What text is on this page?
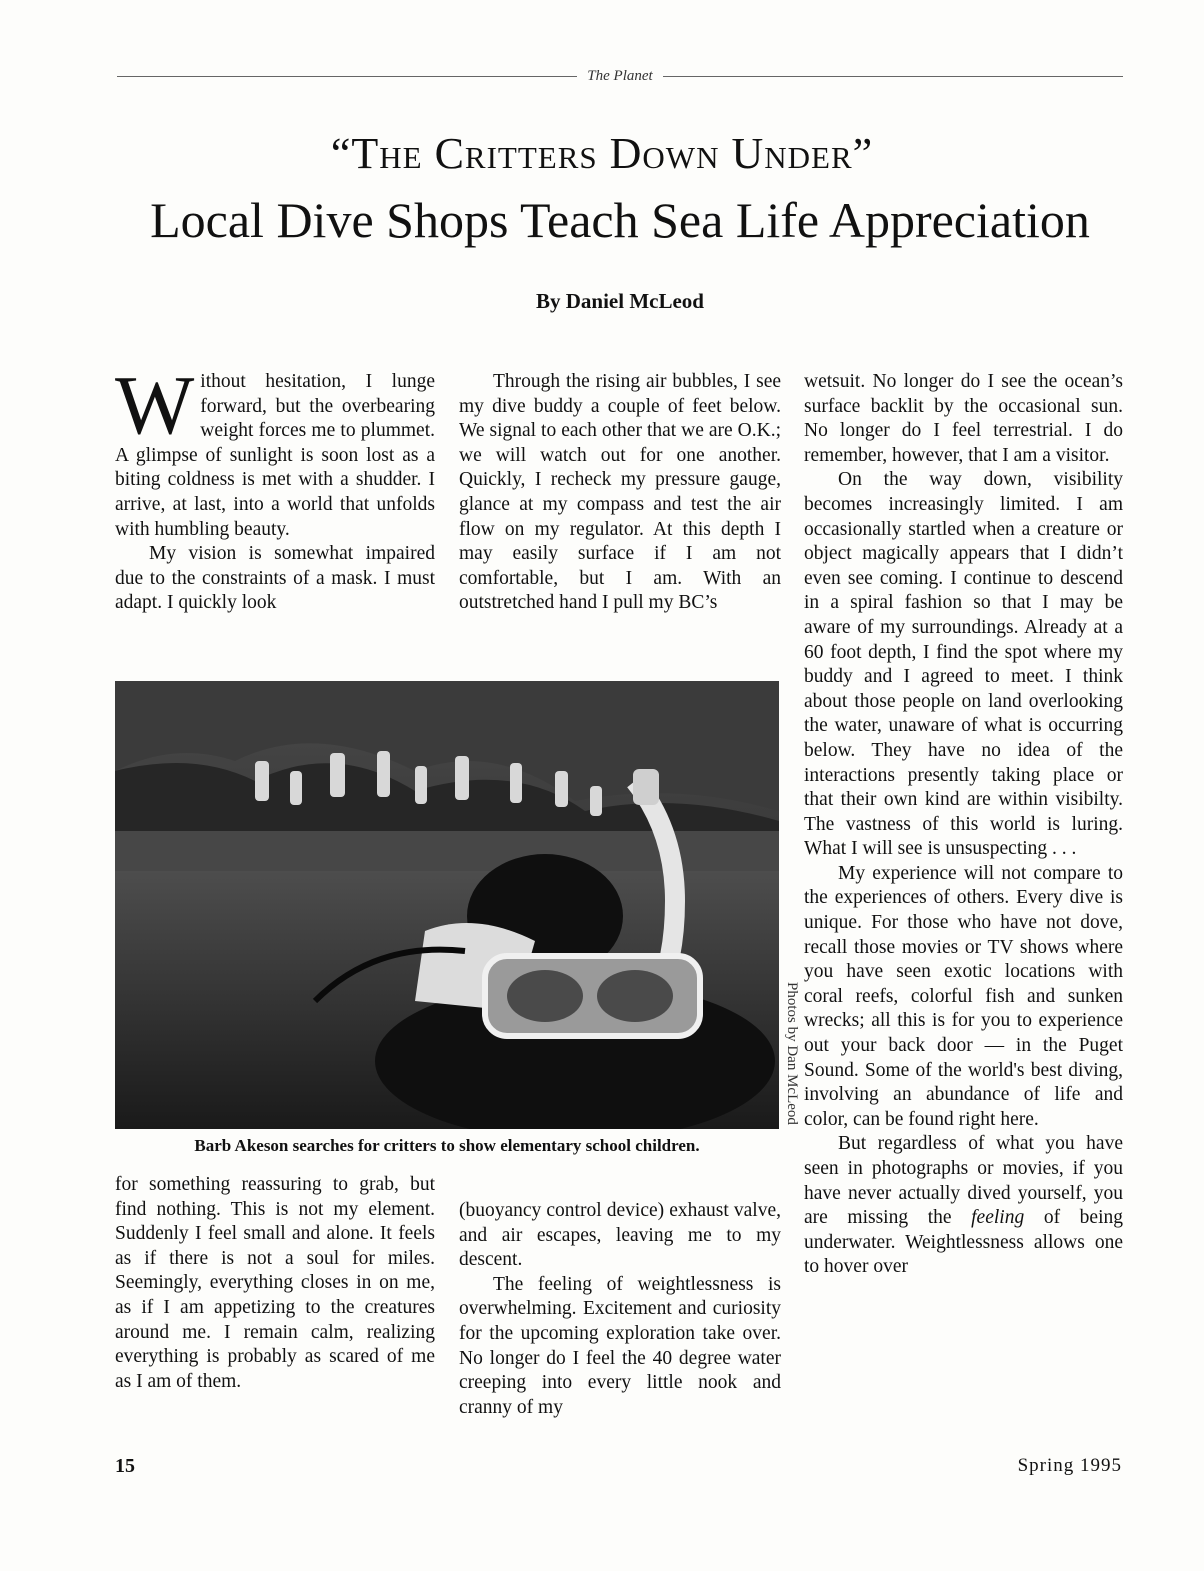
The Planet
“The Critters Down Under”
Local Dive Shops Teach Sea Life Appreciation
By Daniel McLeod

Without hesitation, I lunge forward, but the overbearing weight forces me to plummet. A glimpse of sunlight is soon lost as a biting coldness is met with a shudder. I arrive, at last, into a world that unfolds with humbling beauty.

My vision is somewhat impaired due to the constraints of a mask. I must adapt. I quickly look

Through the rising air bubbles, I see my dive buddy a couple of feet below. We signal to each other that we are O.K.; we will watch out for one another. Quickly, I recheck my pressure gauge, glance at my compass and test the air flow on my regulator. At this depth I may easily surface if I am not comfortable, but I am. With an outstretched hand I pull my BC’s

wetsuit. No longer do I see the ocean’s surface backlit by the occasional sun. No longer do I feel terrestrial. I do remember, however, that I am a visitor.

On the way down, visibility becomes increasingly limited. I am occasionally startled when a creature or object magically appears that I didn’t even see coming. I continue to descend in a spiral fashion so that I may be aware of my surroundings. Already at a 60 foot depth, I find the spot where my buddy and I agreed to meet. I think about those people on land overlooking the water, unaware of what is occurring below. They have no idea of the interactions presently taking place or that their own kind are within visibilty. The vastness of this world is luring. What I will see is unsuspecting . . .

My experience will not compare to the experiences of others. Every dive is unique. For those who have not dove, recall those movies or TV shows where you have seen exotic locations with coral reefs, colorful fish and sunken wrecks; all this is for you to experience out your back door — in the Puget Sound. Some of the world's best diving, involving an abundance of life and color, can be found right here.

But regardless of what you have seen in photographs or movies, if you have never actually dived yourself, you are missing the feeling of being underwater. Weightlessness allows one to hover over

Photos by Dan McLeod
Barb Akeson searches for critters to show elementary school children.

for something reassuring to grab, but find nothing. This is not my element. Suddenly I feel small and alone. It feels as if there is not a soul for miles. Seemingly, everything closes in on me, as if I am appetizing to the creatures around me. I remain calm, realizing everything is probably as scared of me as I am of them.

(buoyancy control device) exhaust valve, and air escapes, leaving me to my descent.

The feeling of weightlessness is overwhelming. Excitement and curiosity for the upcoming exploration take over. No longer do I feel the 40 degree water creeping into every little nook and cranny of my

15	Spring 1995
